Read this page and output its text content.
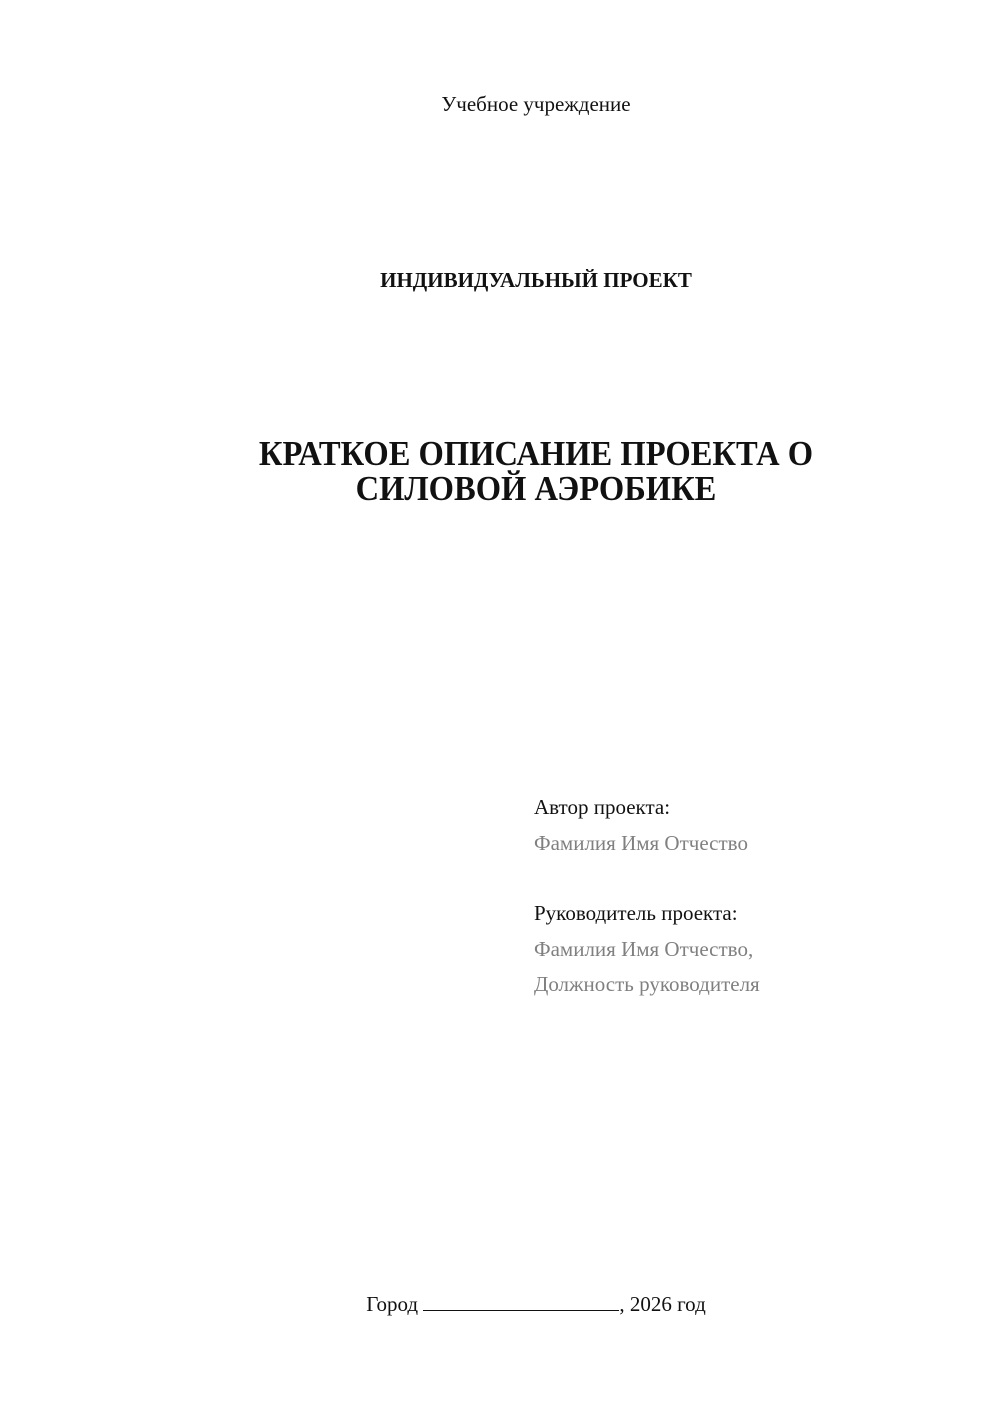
Учебное учреждение
ИНДИВИДУАЛЬНЫЙ ПРОЕКТ
КРАТКОЕ ОПИСАНИЕ ПРОЕКТА О
СИЛОВОЙ АЭРОБИКЕ
Автор проекта:
Фамилия Имя Отчество
Руководитель проекта:
Фамилия Имя Отчество,
Должность руководителя
Город	, 2026 год
